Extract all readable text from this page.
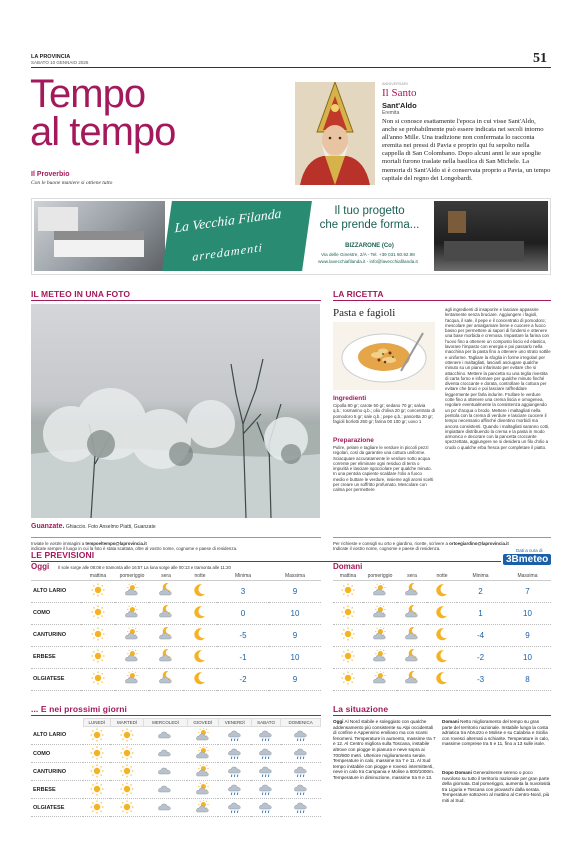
LA PROVINCIA
SABATO 10 GENNAIO 2026	51
Tempo
al tempo
Il Proverbio
Con le buone maniere si ottiene tutto
ANNIVERSARI
Il Santo
Sant'Aldo
Eremita
Non si conosce esattamente l'epoca in cui visse Sant'Aldo, anche se probabilmente può essere indicata nei secoli intorno all'anno Mille. Una tradizione non confermata lo racconta eremita nei pressi di Pavia e proprio qui fu sepolto nella cappella di San Colombano. Dopo alcuni anni le sue spoglie mortali furono traslate nella basilica di San Michele. La memoria di Sant'Aldo si è conservata proprio a Pavia, un tempo capitale del regno dei Longobardi.
La Vecchia Filanda
arredamenti
Il tuo progetto
che prende forma...
BIZZARONE (Co)
Via delle Ginestre, 2/A - Tel. +39 031 80.92.98
www.lavecchiafilanda.it - info@lavecchiafilanda.it
IL METEO IN UNA FOTO
Guanzate. Ghiaccio. Foto Anselmo Piatti, Guanzate
Inviate le vostre immagini a tempoeltempo@laprovincia.it
indicate sempre il luogo in cui la foto è stata scattata, oltre al vostro nome, cognome e paese di residenza.
LA RICETTA
Pasta e fagioli
Ingredienti
Cipolla 80 gr; carote 50 gr; sedano 70 gr; salvia q.b.; rosmarino q.b.; olio d'oliva 20 gr; concentrato di pomodoro 5 gr; sale q.b.; pepe q.b.; pancetta 20 gr; fagioli borlotti 250 gr; farina 00 100 gr; uovo 1
Preparazione
Pulire, pelare e tagliare le verdure in piccoli pezzi regolari, così da garantire una cottura uniforme. Sciacquare accuratamente le verdure sotto acqua corrente per eliminare ogni residuo di terra o impurità e lasciare sgocciolare per qualche minuto. In una pentola capiente scaldare l'olio a fuoco medio e buttare le verdure, insieme agli aromi scelti per creare un soffritto profumato. Mescolare con calma per permettere
agli ingredienti di insaporire e lasciare appassire lentamente senza bruciare. Aggiungere i fagioli, l'acqua, il sale, il pepe e il concentrato di pomodoro; mescolare per amalgamare bene e cuocere a fuoco basso per permettere ai sapori di fondersi e ottenere una base morbida e cremosa. Impastare la farina con l'uovo fino a ottenere un composto liscio ed elastico, lavorare l'impasto con energia e poi passarlo nella macchina per la pasta fino a ottenere uno strato sottile e uniforme. Tagliare la sfoglia in forme irregolari per ottenere i maltagliati, lasciarli asciugare qualche minuto su un piano infarinato per evitare che si attacchino. Mettere la pancetta su una teglia rivestita di carta forno e infornare per qualche minuto finché diventa croccante e dorata, controllare la cottura per evitare che bruci e poi lasciare raffreddare leggermente per farla indurire. Frullare le verdure cotte fino a ottenere una crema liscia e omogenea, regolare eventualmente la consistenza aggiungendo un po' d'acqua o brodo. Mettere i maltagliati nella pentola con la crema di verdure e lasciare cuocere il tempo necessario affinché diventino morbidi ma ancora consistenti. Quando i maltagliati saranno cotti, impiattare distribuendo la crema e la pasta in modo armonico e decorare con la pancetta croccante spezzettata, aggiungere se si desidera un filo d'olio a crudo o qualche erba fresca per completare il piatto.
Per richieste e consigli su orto e giardino, ricette, scrivere a ortoegiardino@laprovincia.it
Indicate il vostro nome, cognome e paese di residenza.
LE PREVISIONI	Dati a cura di
3Bmeteo
Oggi Il sole sorge alle 08:08 e tramonta alle 16:57 La luna sorge alle 00:13 e tramonta alle 11:20	Domani
	mattina	pomeriggio	sera	notte	Minima	Massima
ALTO LARIO					3	9
COMO					0	10
CANTURINO					-5	9
ERBESE					-1	10
OLGIATESE					-2	9
mattina	pomeriggio	sera	notte	Minima	Massima
				2	7
				1	10
				-4	9
				-2	10
				-3	8
... E nei prossimi giorni
	LUNEDÌ	MARTEDÌ	MERCOLEDÌ	GIOVEDÌ	VENERDÌ	SABATO	DOMENICA
ALTO LARIO							
COMO							
CANTURINO							
ERBESE							
OLGIATESE							
La situazione
Oggi Al Nord stabile e soleggiato con qualche addensamento più consistente su Alpi occidentali di confine e Appennino emiliano ma con scarsi fenomeni. Temperature in aumento, massime tra 7 e 12. Al Centro migliora sulla Toscana, instabile altrove con piogge in pianura e neve sopra ai 700/800 metri. Ulteriore miglioramento serale. Temperature in calo, massime tra 7 e 11. Al Sud tempo instabile con piogge e rovesci intermittenti, neve in calo tra Campania e Molise a 800/1000m. Temperature in diminuzione, massime tra 9 e 13.
Domani Netto miglioramento del tempo su gran parte del territorio nazionale. Instabile lungo la costa adriatica tra Abruzzo e Molise e su Calabria e Sicilia con rovesci alternati a schiarite. Temperature in calo, massime comprese tra 5 e 11, fino a 13 sulle isole.
Dopo Domani Generalmente sereno o poco nuvoloso su tutto il territorio nazionale per gran parte della giornata. Dal pomeriggio, aumenta la nuvolosità tra Liguria e Toscana con piovaschi dalla serata. Temperature sottozero al mattino al Centro-Nord, più miti al Sud.
